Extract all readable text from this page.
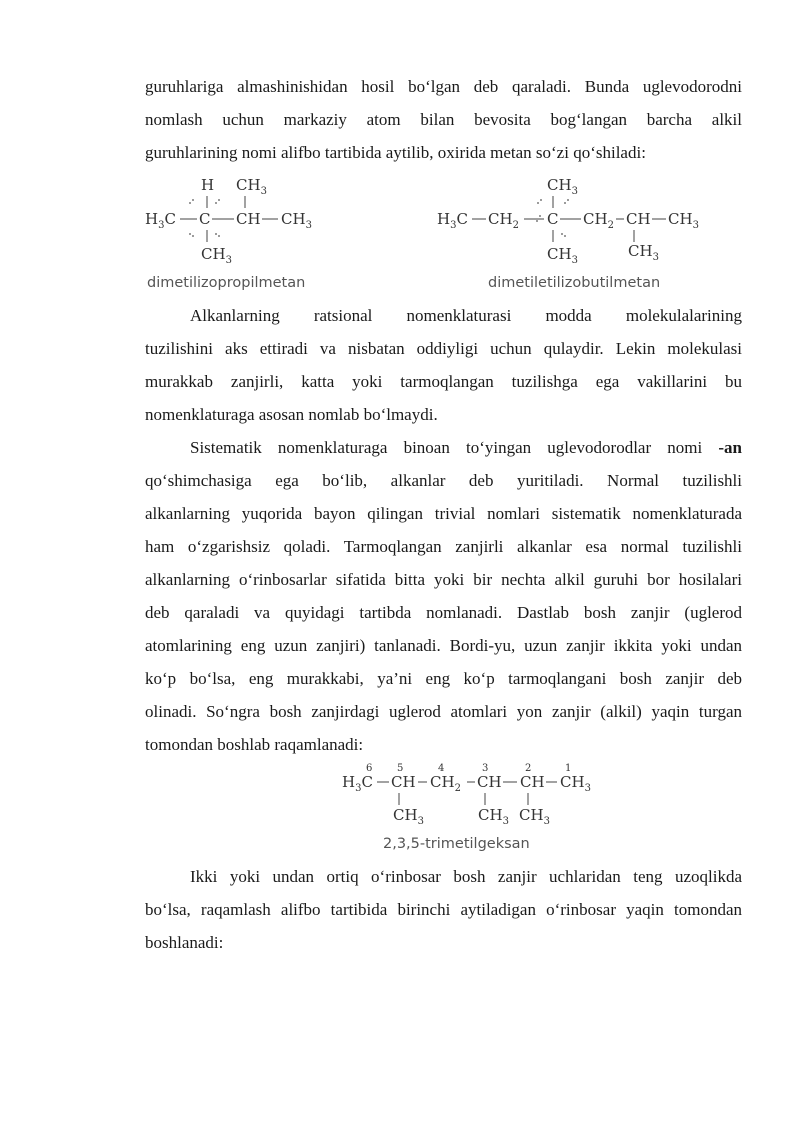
guruhlariga almashinishidan hosil bo‘lgan deb qaraladi. Bunda uglevodorodni
nomlash uchun markaziy atom bilan bevosita bog‘langan barcha alkil
guruhlarining nomi alifbo tartibida aytilib, oxirida metan so‘zi qo‘shiladi:
H $CH_3$
$H_3C$ C CH $CH_3$
$CH_3$
dimetilizopropilmetan
$CH_3$
$H_3C$ $CH_2$ C $CH_2$ CH $CH_3$
$CH_3$
$CH_3$
dimetiletilizobutilmetan
Alkanlarning ratsional nomenklaturasi modda molekulalarining
tuzilishini aks ettiradi va nisbatan oddiyligi uchun qulaydir. Lekin molekulasi
murakkab zanjirli, katta yoki tarmoqlangan tuzilishga ega vakillarini bu
nomenklaturaga asosan nomlab bo‘lmaydi.
Sistematik nomenklaturaga binoan to‘yingan uglevodorodlar nomi -an
qo‘shimchasiga ega bo‘lib, alkanlar deb yuritiladi. Normal tuzilishli
alkanlarning yuqorida bayon qilingan trivial nomlari sistematik nomenklaturada
ham o‘zgarishsiz qoladi. Tarmoqlangan zanjirli alkanlar esa normal tuzilishli
alkanlarning o‘rinbosarlar sifatida bitta yoki bir nechta alkil guruhi bor hosilalari
deb qaraladi va quyidagi tartibda nomlanadi. Dastlab bosh zanjir (uglerod
atomlarining eng uzun zanjiri) tanlanadi. Bordi-yu, uzun zanjir ikkita yoki undan
ko‘p bo‘lsa, eng murakkabi, ya’ni eng ko‘p tarmoqlangani bosh zanjir deb
olinadi. So‘ngra bosh zanjirdagi uglerod atomlari yon zanjir (alkil) yaqin turgan
tomondan boshlab raqamlanadi:
6 5	4	3	2	1
$H_3C$ CH $CH_2$ CH CH $CH_3$
$CH_3$	$CH_3$ $CH_3$
2,3,5-trimetilgeksan
Ikki yoki undan ortiq o‘rinbosar bosh zanjir uchlaridan teng uzoqlikda
bo‘lsa, raqamlash alifbo tartibida birinchi aytiladigan o‘rinbosar yaqin tomondan
boshlanadi:
